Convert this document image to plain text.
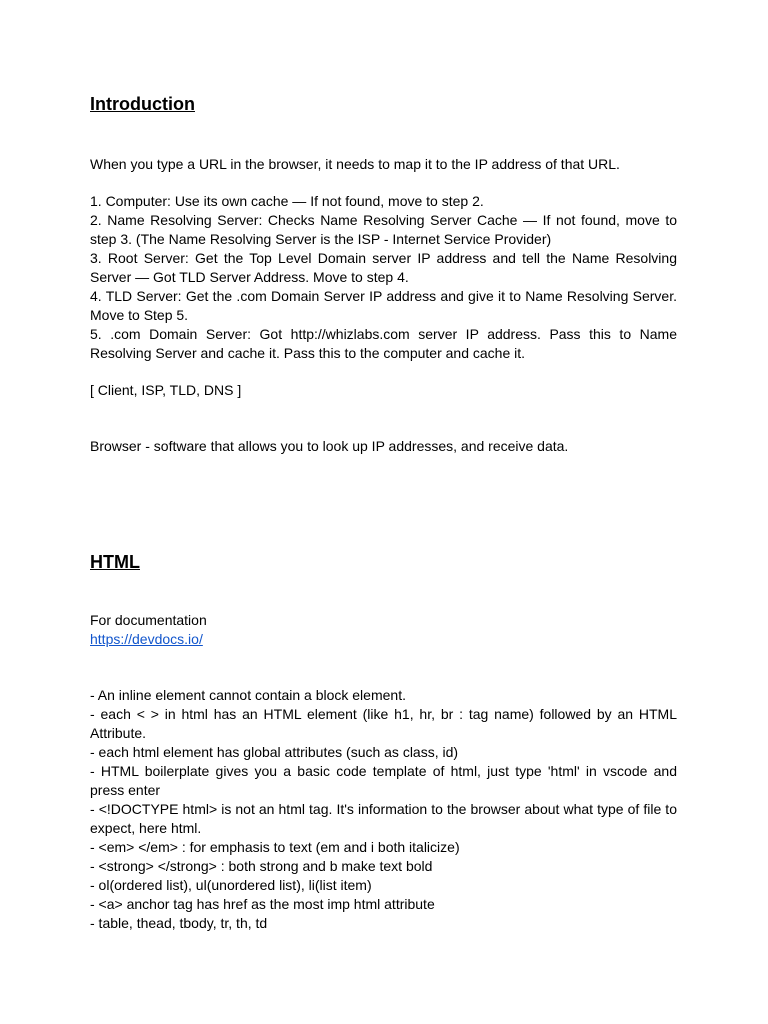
Introduction
When you type a URL in the browser, it needs to map it to the IP address of that URL.
1. Computer: Use its own cache — If not found, move to step 2.
2. Name Resolving Server: Checks Name Resolving Server Cache — If not found, move to step 3. (The Name Resolving Server is the ISP - Internet Service Provider)
3. Root Server: Get the Top Level Domain server IP address and tell the Name Resolving Server — Got TLD Server Address. Move to step 4.
4. TLD Server: Get the .com Domain Server IP address and give it to Name Resolving Server. Move to Step 5.
5. .com Domain Server: Got http://whizlabs.com server IP address. Pass this to Name Resolving Server and cache it. Pass this to the computer and cache it.
[ Client, ISP, TLD, DNS ]
Browser - software that allows you to look up IP addresses, and receive data.
HTML
For documentation
https://devdocs.io/
- An inline element cannot contain a block element.
- each < > in html has an HTML element (like h1, hr, br : tag name) followed by an HTML Attribute.
- each html element has global attributes (such as class, id)
- HTML boilerplate gives you a basic code template of html, just type 'html' in vscode and press enter
- <!DOCTYPE html> is not an html tag. It's information to the browser about what type of file to expect, here html.
- <em> </em> : for emphasis to text (em and i both italicize)
- <strong> </strong> : both strong and b make text bold
- ol(ordered list), ul(unordered list), li(list item)
- <a> anchor tag has href as the most imp html attribute
- table, thead, tbody, tr, th, td
